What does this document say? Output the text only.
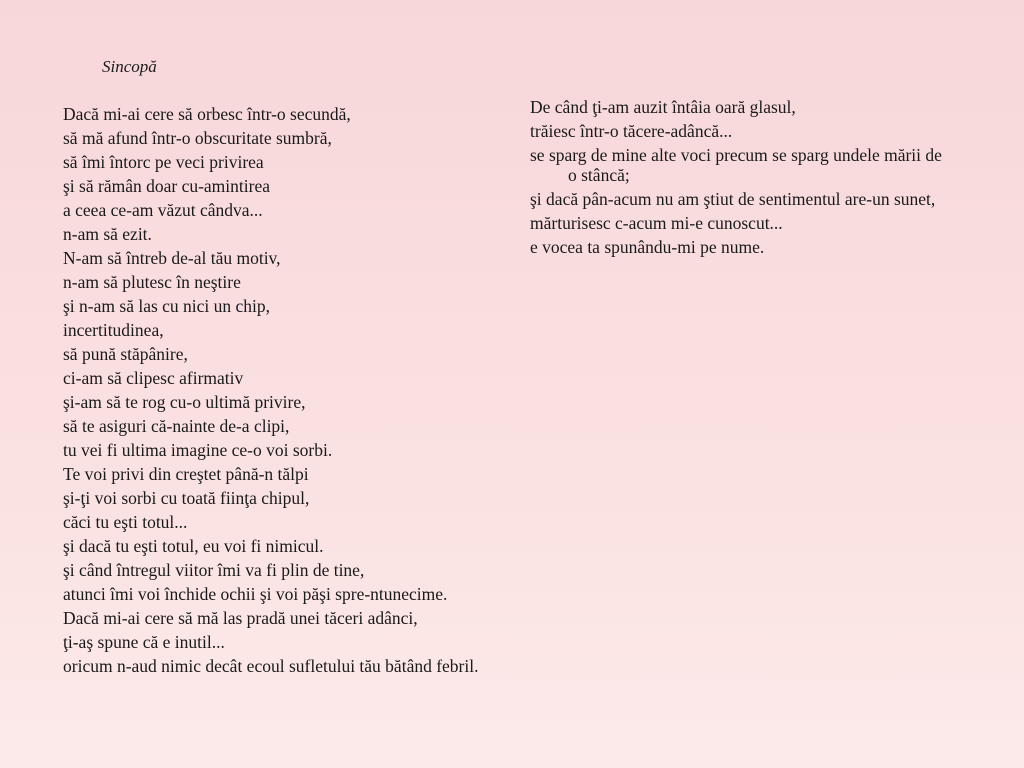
Sincopă

Dacă mi-ai cere să orbesc într-o secundă,

să mă afund într-o obscuritate sumbră,

să îmi întorc pe veci privirea

şi să rămân doar cu-amintirea

a ceea ce-am văzut cândva...

n-am să ezit.

N-am să întreb de-al tău motiv,

n-am să plutesc în neştire

şi n-am să las cu nici un chip,

incertitudinea,

să pună stăpânire,

ci-am să clipesc afirmativ

şi-am să te rog cu-o ultimă privire,

să te asiguri că-nainte de-a clipi,

tu vei fi ultima imagine ce-o voi sorbi.

Te voi privi din creştet până-n tălpi

şi-ţi voi sorbi cu toată fiinţa chipul,

căci tu eşti totul...

şi dacă tu eşti totul, eu voi fi nimicul.

şi când întregul viitor îmi va fi plin de tine,

atunci îmi voi închide ochii şi voi păşi spre-ntunecime.

Dacă mi-ai cere să mă las pradă unei tăceri adânci,

ţi-aş spune că e inutil...

oricum n-aud nimic decât ecoul sufletului tău bătând febril.

De când ţi-am auzit întâia oară glasul,

trăiesc într-o tăcere-adâncă...

se sparg de mine alte voci precum se sparg undele mării de o stâncă;

şi dacă pân-acum nu am ştiut de sentimentul are-un sunet,

mărturisesc c-acum mi-e cunoscut...

e vocea ta spunându-mi pe nume.
